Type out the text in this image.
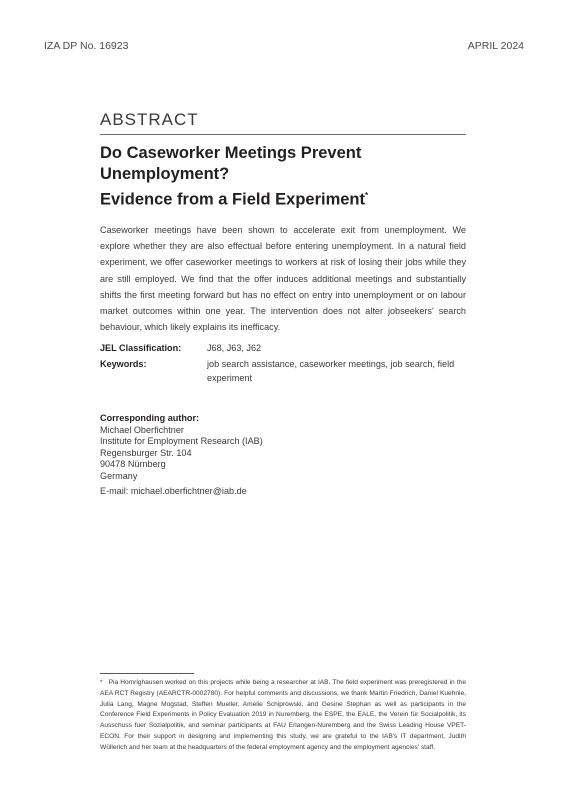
IZA DP No. 16923	APRIL 2024
ABSTRACT
Do Caseworker Meetings Prevent
Unemployment?
Evidence from a Field Experiment*
Caseworker meetings have been shown to accelerate exit from unemployment. We explore whether they are also effectual before entering unemployment. In a natural field experiment, we offer caseworker meetings to workers at risk of losing their jobs while they are still employed. We find that the offer induces additional meetings and substantially shifts the first meeting forward but has no effect on entry into unemployment or on labour market outcomes within one year. The intervention does not alter jobseekers' search behaviour, which likely explains its inefficacy.
JEL Classification:	J68, J63, J62
Keywords:	job search assistance, caseworker meetings, job search, field experiment
Corresponding author:
Michael Oberfichtner
Institute for Employment Research (IAB)
Regensburger Str. 104
90478 Nürnberg
Germany
E-mail: michael.oberfichtner@iab.de
* Pia Homrighausen worked on this projects while being a researcher at IAB. The field experiment was preregistered in the AEA RCT Registry (AEARCTR-0002780). For helpful comments and discussions, we thank Martin Friedrich, Daniel Kuehnle, Julia Lang, Magne Mogstad, Steffen Mueller, Amelie Schiprowski, and Gesine Stephan as well as participants in the Conference Field Experiments in Policy Evaluation 2019 in Nuremberg, the ESPE, the EALE, the Verein für Socialpolitik, its Ausschuss fuer Sozialpolitik, and seminar participants at FAU Erlangen-Nuremberg and the Swiss Leading House VPET-ECON. For their support in designing and implementing this study, we are grateful to the IAB's IT department, Judith Wüllerich and her team at the headquarters of the federal employment agency and the employment agencies' staff.
